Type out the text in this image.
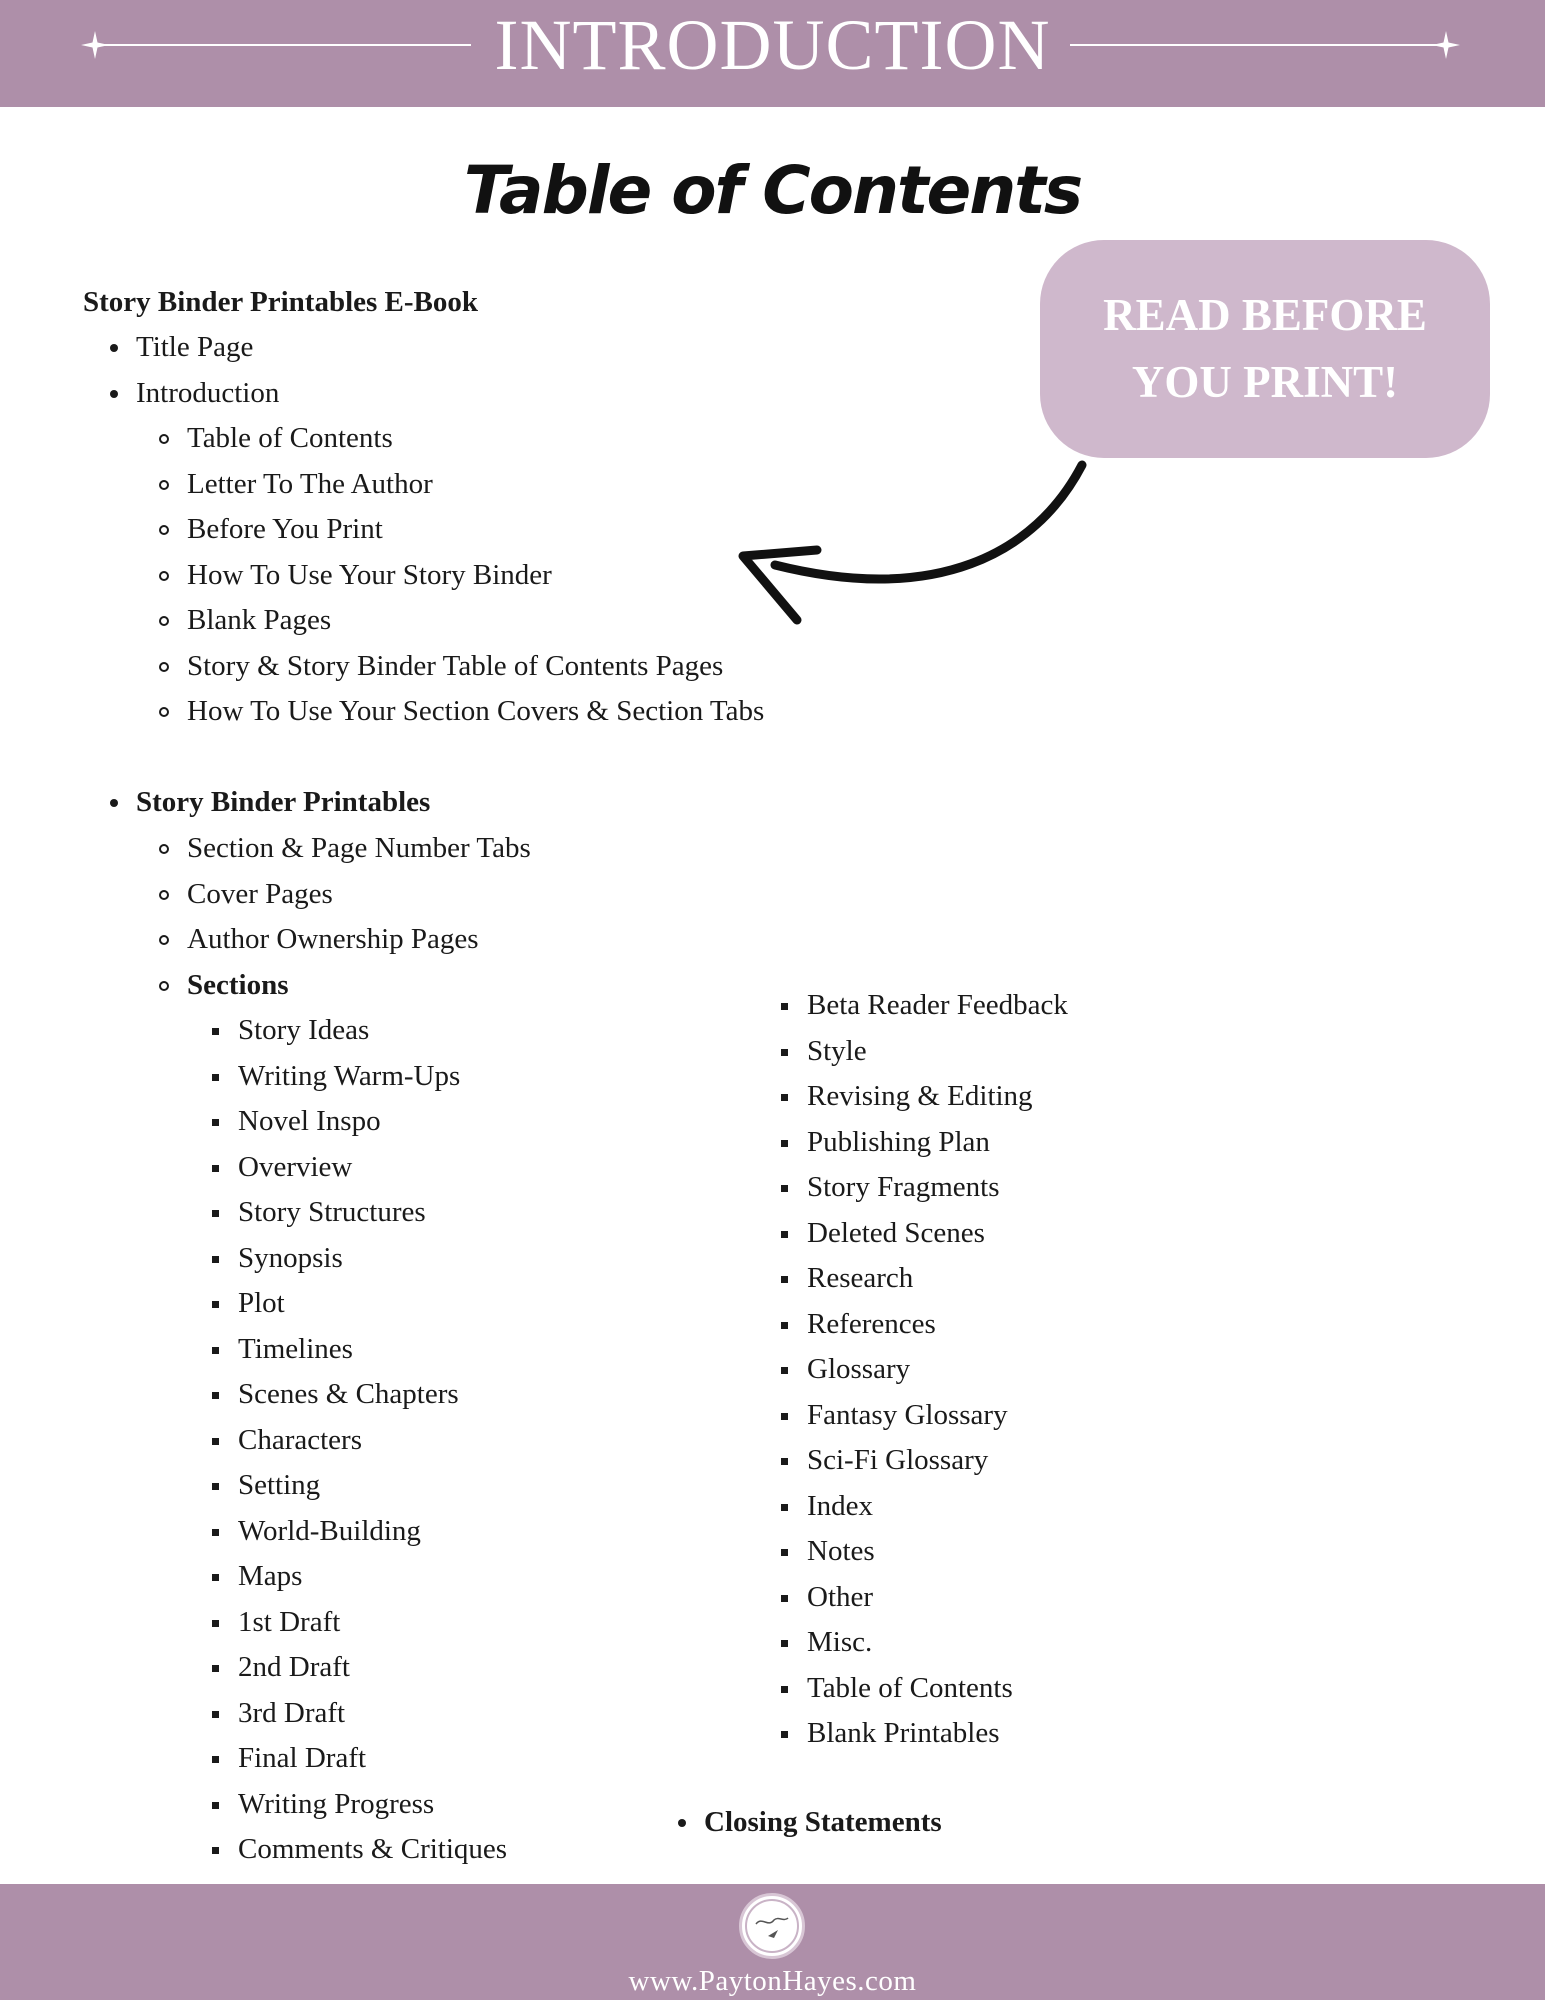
INTRODUCTION
Table of Contents
READ BEFORE YOU PRINT!
Story Binder Printables E-Book
Title Page
Introduction
Table of Contents
Letter To The Author
Before You Print
How To Use Your Story Binder
Blank Pages
Story & Story Binder Table of Contents Pages
How To Use Your Section Covers & Section Tabs
Story Binder Printables
Section & Page Number Tabs
Cover Pages
Author Ownership Pages
Sections
Story Ideas
Writing Warm-Ups
Novel Inspo
Overview
Story Structures
Synopsis
Plot
Timelines
Scenes & Chapters
Characters
Setting
World-Building
Maps
1st Draft
2nd Draft
3rd Draft
Final Draft
Writing Progress
Comments & Critiques
Beta Reader Feedback
Style
Revising & Editing
Publishing Plan
Story Fragments
Deleted Scenes
Research
References
Glossary
Fantasy Glossary
Sci-Fi Glossary
Index
Notes
Other
Misc.
Table of Contents
Blank Printables
Closing Statements
www.PaytonHayes.com
